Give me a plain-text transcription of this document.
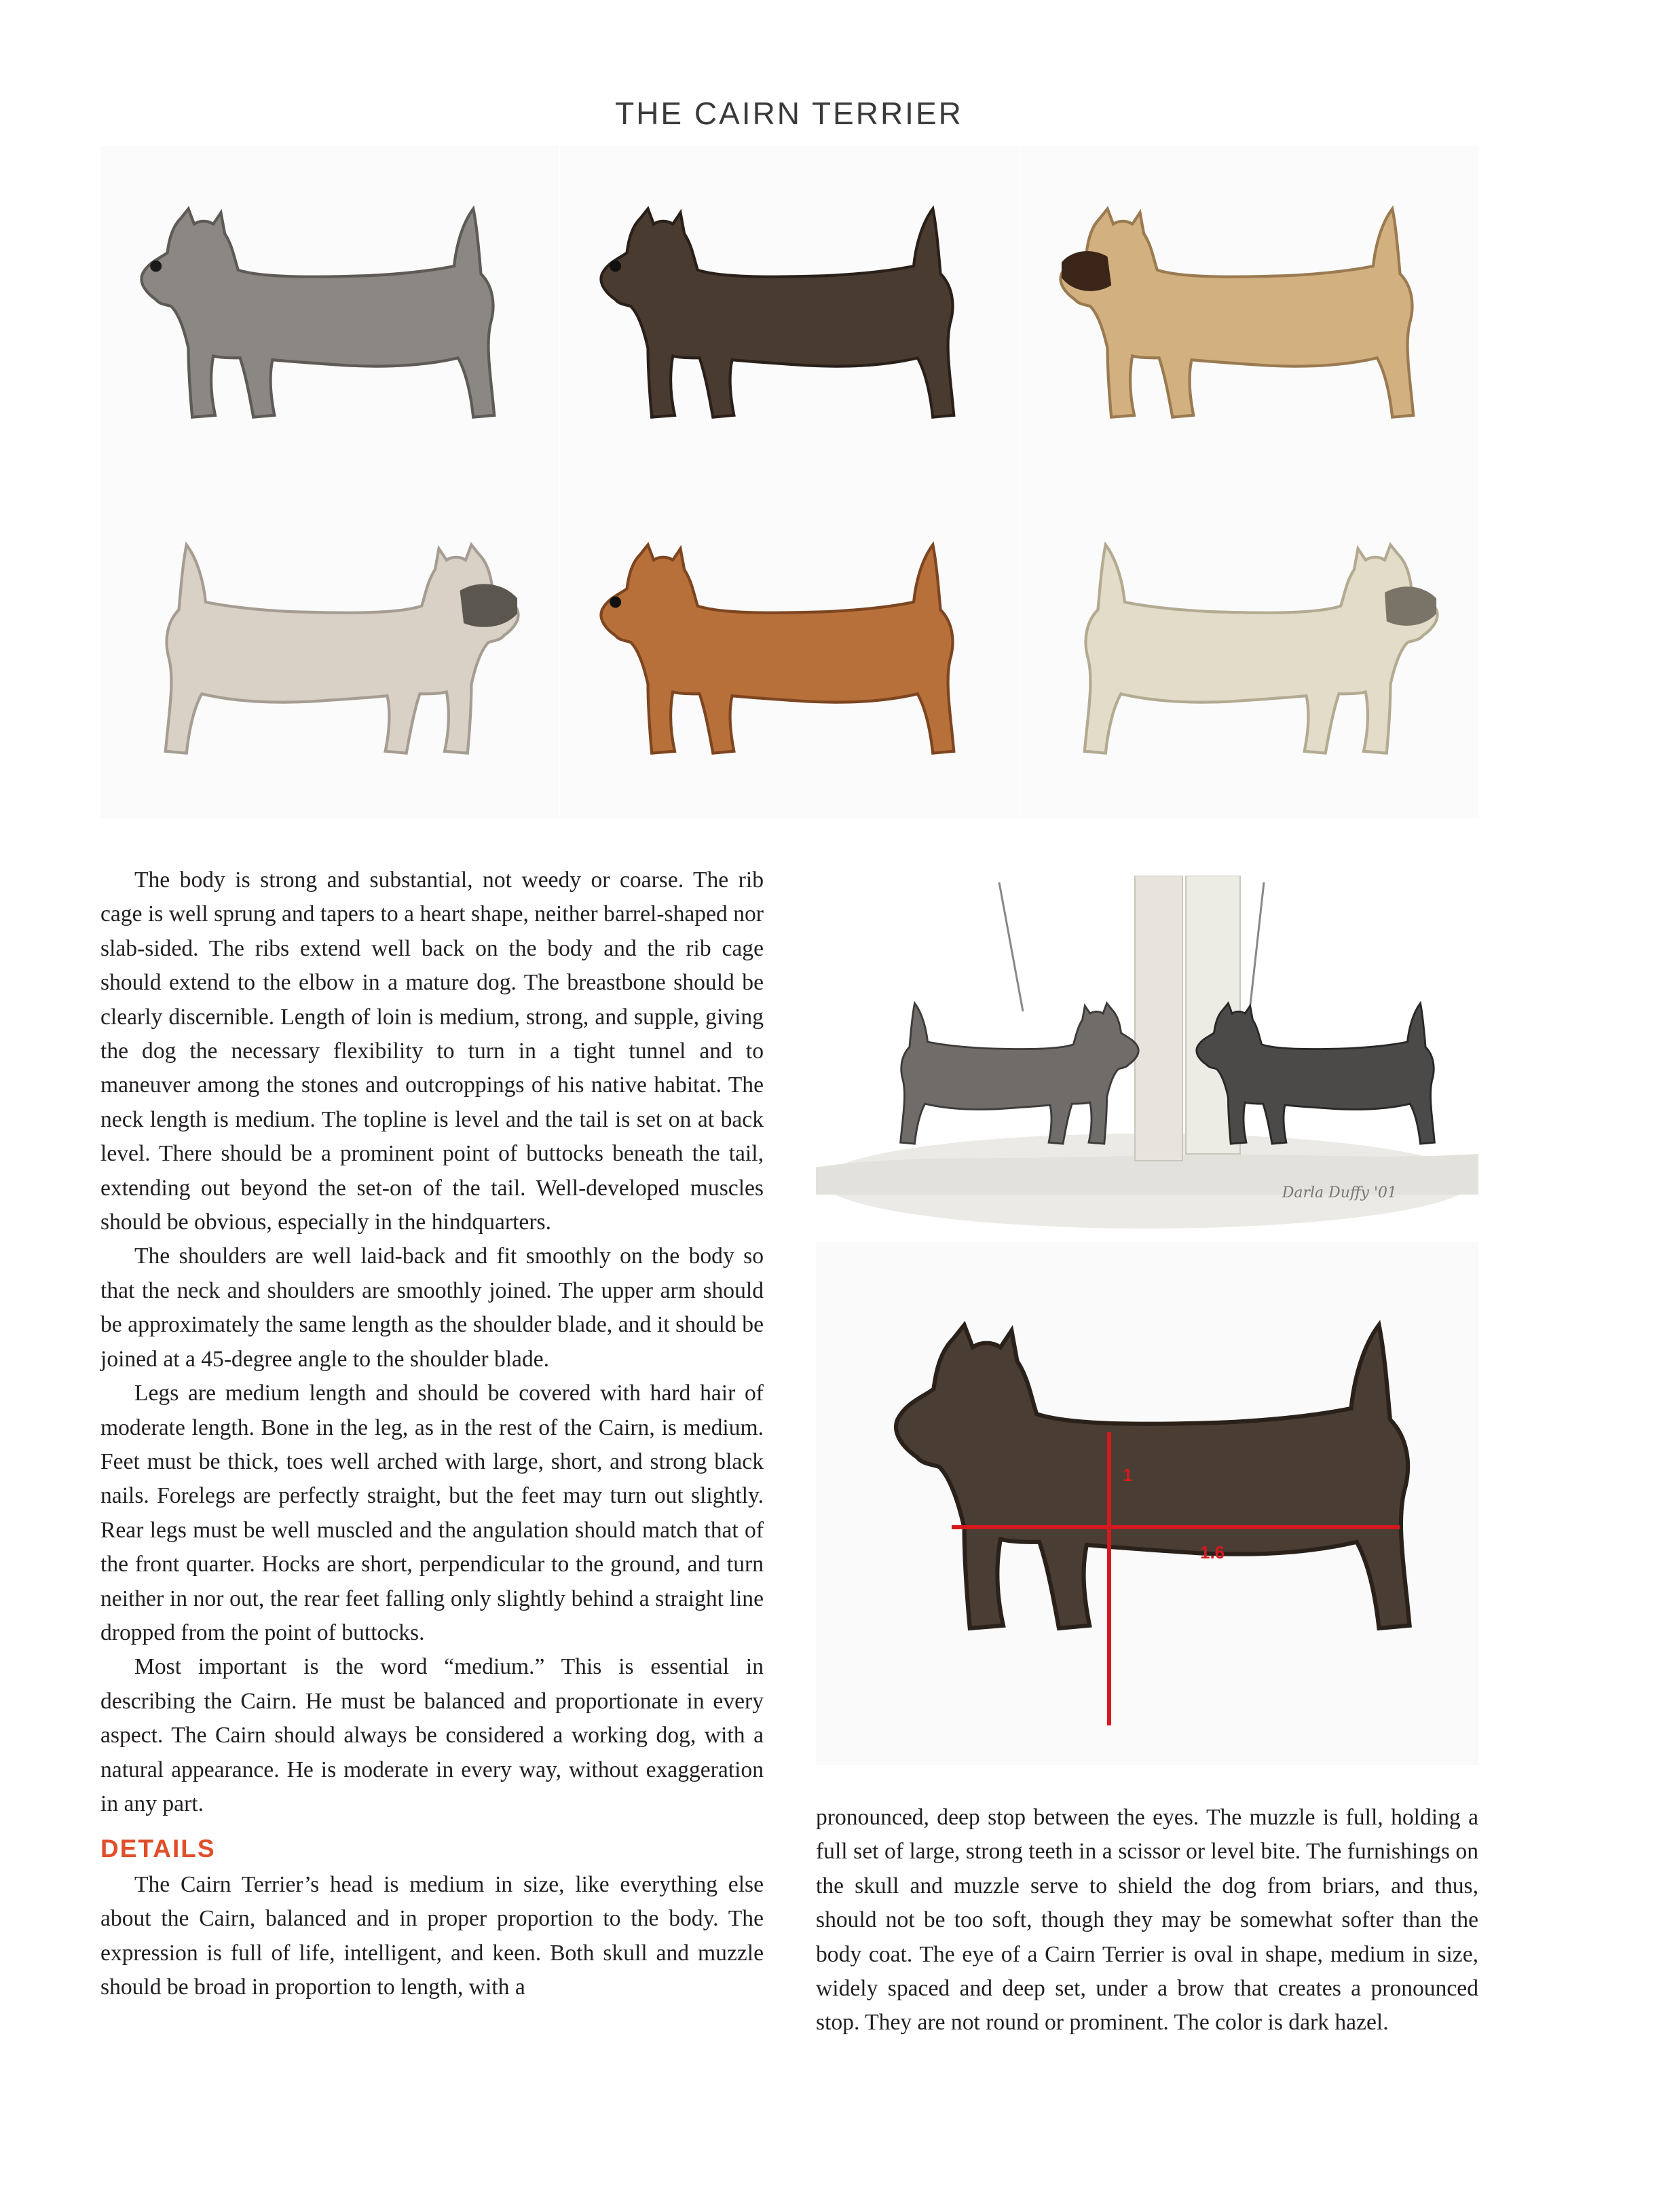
THE CAIRN TERRIER

The body is strong and substantial, not weedy or coarse. The rib cage is well sprung and tapers to a heart shape, neither barrel-shaped nor slab-sided. The ribs extend well back on the body and the rib cage should extend to the elbow in a mature dog. The breastbone should be clearly discernible. Length of loin is medium, strong, and supple, giving the dog the necessary flexibility to turn in a tight tunnel and to maneuver among the stones and outcroppings of his native habitat. The neck length is medium. The topline is level and the tail is set on at back level. There should be a prominent point of buttocks beneath the tail, extending out beyond the set-on of the tail. Well-developed muscles should be obvious, especially in the hindquarters.

The shoulders are well laid-back and fit smoothly on the body so that the neck and shoulders are smoothly joined. The upper arm should be approximately the same length as the shoulder blade, and it should be joined at a 45-degree angle to the shoulder blade.

Legs are medium length and should be covered with hard hair of moderate length. Bone in the leg, as in the rest of the Cairn, is medium. Feet must be thick, toes well arched with large, short, and strong black nails. Forelegs are perfectly straight, but the feet may turn out slightly. Rear legs must be well muscled and the angulation should match that of the front quarter. Hocks are short, perpendicular to the ground, and turn neither in nor out, the rear feet falling only slightly behind a straight line dropped from the point of buttocks.

Most important is the word “medium.” This is essential in describing the Cairn. He must be balanced and proportionate in every aspect. The Cairn should always be considered a working dog, with a natural appearance. He is moderate in every way, without exaggeration in any part.

DETAILS

The Cairn Terrier’s head is medium in size, like everything else about the Cairn, balanced and in proper proportion to the body. The expression is full of life, intelligent, and keen. Both skull and muzzle should be broad in proportion to length, with a

Darla Duffy '01
1
1.6

pronounced, deep stop between the eyes. The muzzle is full, holding a full set of large, strong teeth in a scissor or level bite. The furnishings on the skull and muzzle serve to shield the dog from briars, and thus, should not be too soft, though they may be somewhat softer than the body coat. The eye of a Cairn Terrier is oval in shape, medium in size, widely spaced and deep set, under a brow that creates a pronounced stop. They are not round or prominent. The color is dark hazel.
